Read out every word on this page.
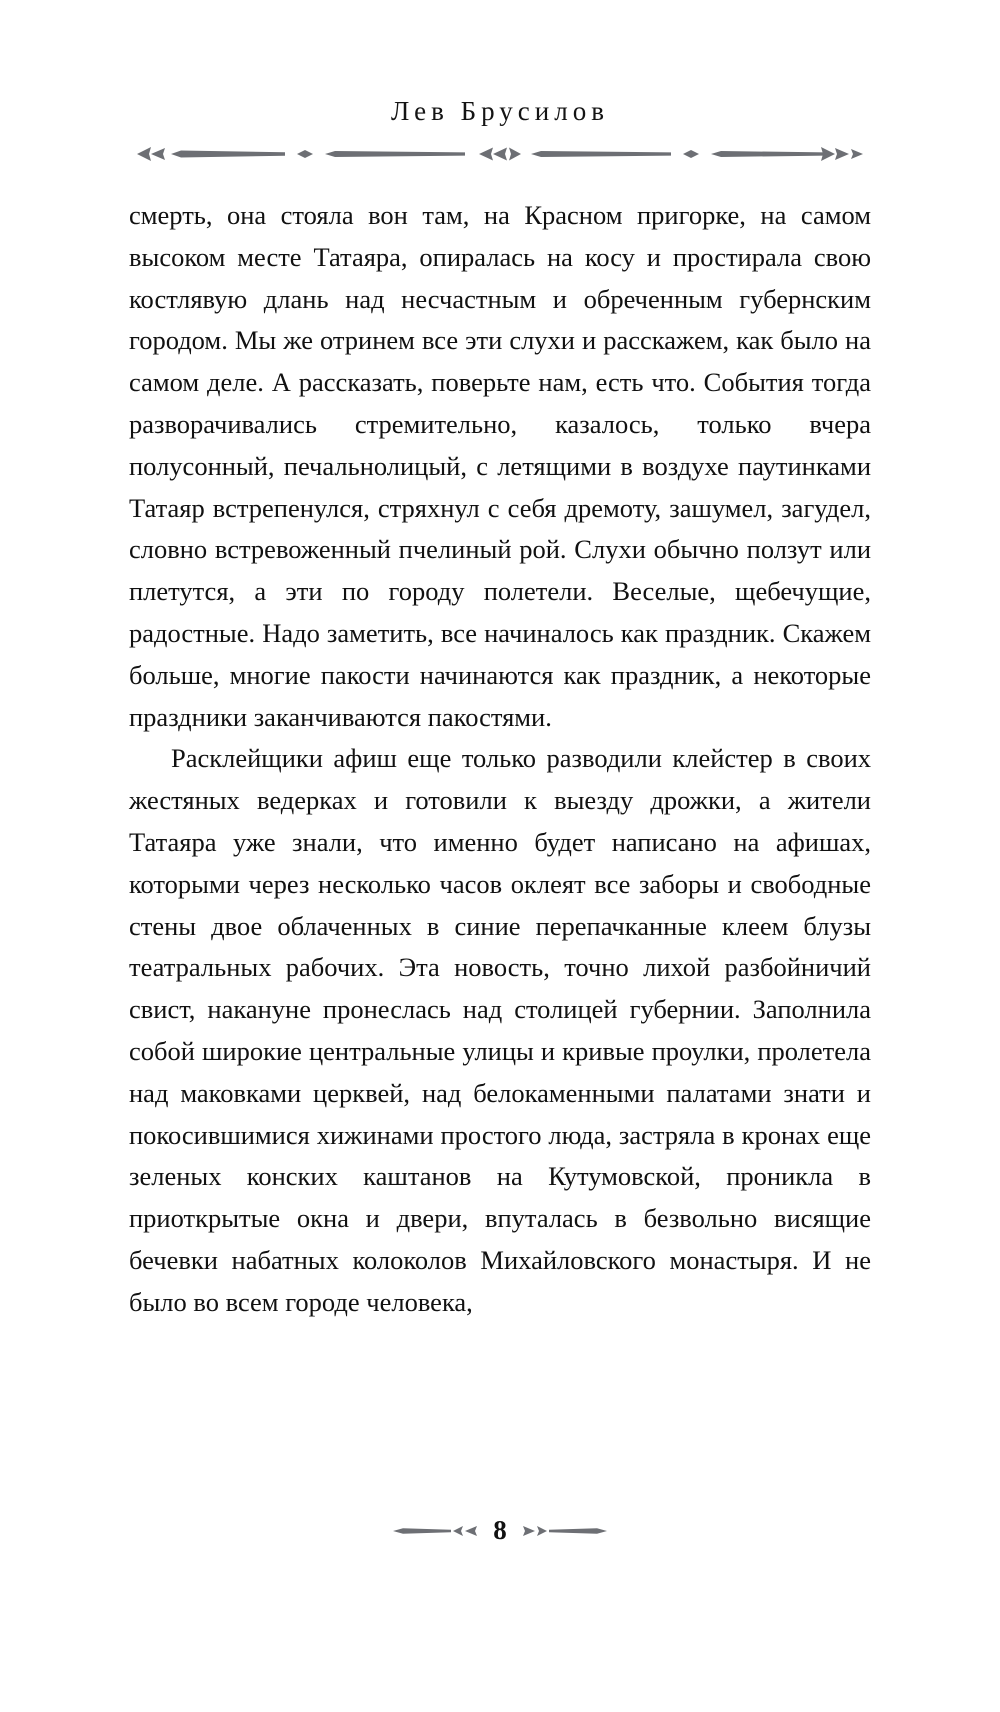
Лев Брусилов

смерть, она стояла вон там, на Красном пригорке, на самом высоком месте Татаяра, опиралась на косу и простирала свою костлявую длань над несчастным и обреченным губернским городом. Мы же отринем все эти слухи и расскажем, как было на самом деле. А рассказать, поверьте нам, есть что. События тогда разворачивались стремительно, казалось, только вчера полусонный, печальнолицый, с летящими в воздухе паутинками Татаяр встрепенулся, стряхнул с себя дремоту, зашумел, загудел, словно встревоженный пчелиный рой. Слухи обычно ползут или плетутся, а эти по городу полетели. Веселые, щебечущие, радостные. Надо заметить, все начиналось как праздник. Скажем больше, многие пакости начинаются как праздник, а некоторые праздники заканчиваются пакостями.

Расклейщики афиш еще только разводили клейстер в своих жестяных ведерках и готовили к выезду дрожки, а жители Татаяра уже знали, что именно будет написано на афишах, которыми через несколько часов оклеят все заборы и свободные стены двое облаченных в синие перепачканные клеем блузы театральных рабочих. Эта новость, точно лихой разбойничий свист, накануне пронеслась над столицей губернии. Заполнила собой широкие центральные улицы и кривые проулки, пролетела над маковками церквей, над белокаменными палатами знати и покосившимися хижинами простого люда, застряла в кронах еще зеленых конских каштанов на Кутумовской, проникла в приоткрытые окна и двери, впуталась в безвольно висящие бечевки набатных колоколов Михайловского монастыря. И не было во всем городе человека,

8
